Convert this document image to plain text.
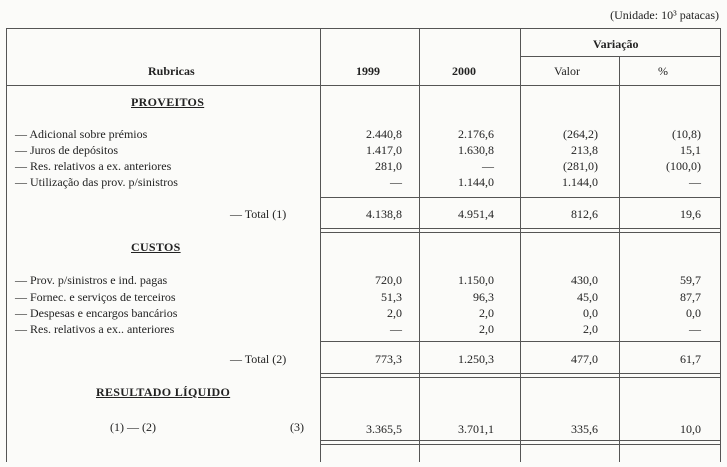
(Unidade: 10³ patacas)
Rubricas	1999	2000
Variação
Valor	%
PROVEITOS
— Adicional sobre prémios	2.440,8	2.176,6	(264,2)	(10,8)
— Juros de depósitos	1.417,0	1.630,8	213,8	15,1
— Res. relativos a ex. anteriores	281,0	—	(281,0)	(100,0)
— Utilização das prov. p/sinistros	—	1.144,0	1.144,0	—
— Total (1)	4.138,8	4.951,4	812,6	19,6
CUSTOS
— Prov. p/sinistros e ind. pagas	720,0	1.150,0	430,0	59,7
— Fornec. e serviços de terceiros	51,3	96,3	45,0	87,7
— Despesas e encargos bancários	2,0	2,0	0,0	0,0
— Res. relativos a ex.. anteriores	—	2,0	2,0	—
— Total (2)	773,3	1.250,3	477,0	61,7
RESULTADO LÍQUIDO
(1) — (2)	(3)	3.365,5	3.701,1	335,6	10,0
